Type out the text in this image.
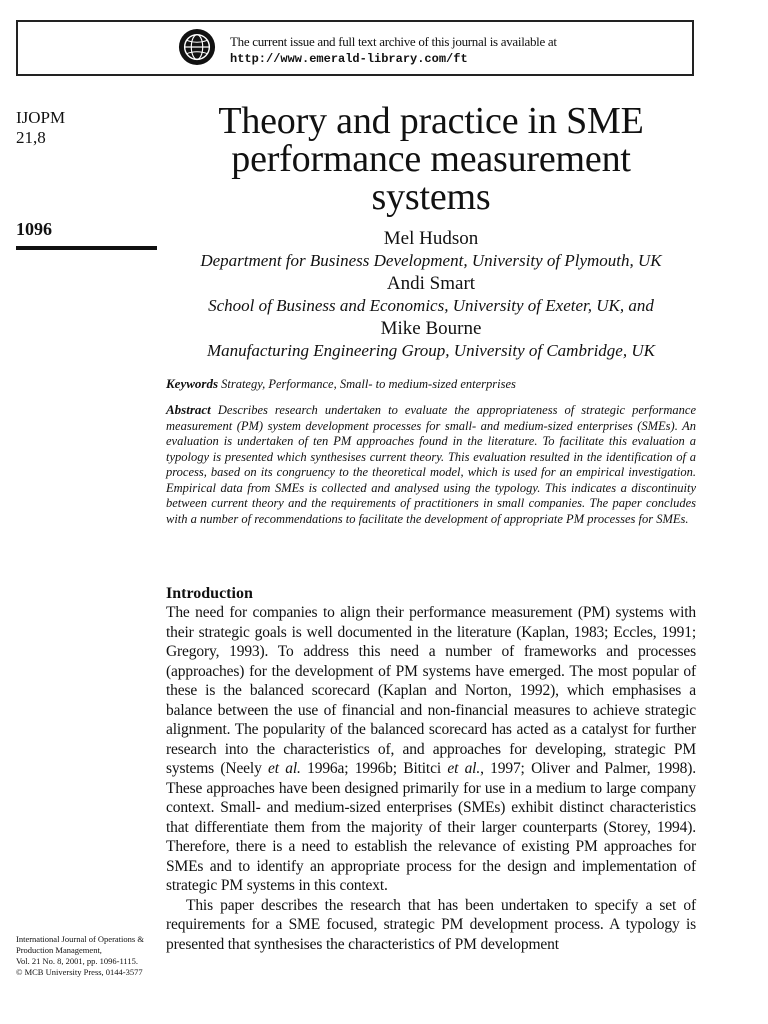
The current issue and full text archive of this journal is available at
http://www.emerald-library.com/ft
IJOPM
21,8
1096
Theory and practice in SME
performance measurement
systems
Mel Hudson
Department for Business Development, University of Plymouth, UK
Andi Smart
School of Business and Economics, University of Exeter, UK, and
Mike Bourne
Manufacturing Engineering Group, University of Cambridge, UK
Keywords Strategy, Performance, Small- to medium-sized enterprises
Abstract Describes research undertaken to evaluate the appropriateness of strategic performance measurement (PM) system development processes for small- and medium-sized enterprises (SMEs). An evaluation is undertaken of ten PM approaches found in the literature. To facilitate this evaluation a typology is presented which synthesises current theory. This evaluation resulted in the identification of a process, based on its congruency to the theoretical model, which is used for an empirical investigation. Empirical data from SMEs is collected and analysed using the typology. This indicates a discontinuity between current theory and the requirements of practitioners in small companies. The paper concludes with a number of recommendations to facilitate the development of appropriate PM processes for SMEs.
Introduction

The need for companies to align their performance measurement (PM) systems with their strategic goals is well documented in the literature (Kaplan, 1983; Eccles, 1991; Gregory, 1993). To address this need a number of frameworks and processes (approaches) for the development of PM systems have emerged. The most popular of these is the balanced scorecard (Kaplan and Norton, 1992), which emphasises a balance between the use of financial and non-financial measures to achieve strategic alignment. The popularity of the balanced scorecard has acted as a catalyst for further research into the characteristics of, and approaches for developing, strategic PM systems (Neely et al. 1996a; 1996b; Bititci et al., 1997; Oliver and Palmer, 1998). These approaches have been designed primarily for use in a medium to large company context. Small- and medium-sized enterprises (SMEs) exhibit distinct characteristics that differentiate them from the majority of their larger counterparts (Storey, 1994). Therefore, there is a need to establish the relevance of existing PM approaches for SMEs and to identify an appropriate process for the design and implementation of strategic PM systems in this context.

This paper describes the research that has been undertaken to specify a set of requirements for a SME focused, strategic PM development process. A typology is presented that synthesises the characteristics of PM development

International Journal of Operations & Production Management,
Vol. 21 No. 8, 2001, pp. 1096-1115.
© MCB University Press, 0144-3577
